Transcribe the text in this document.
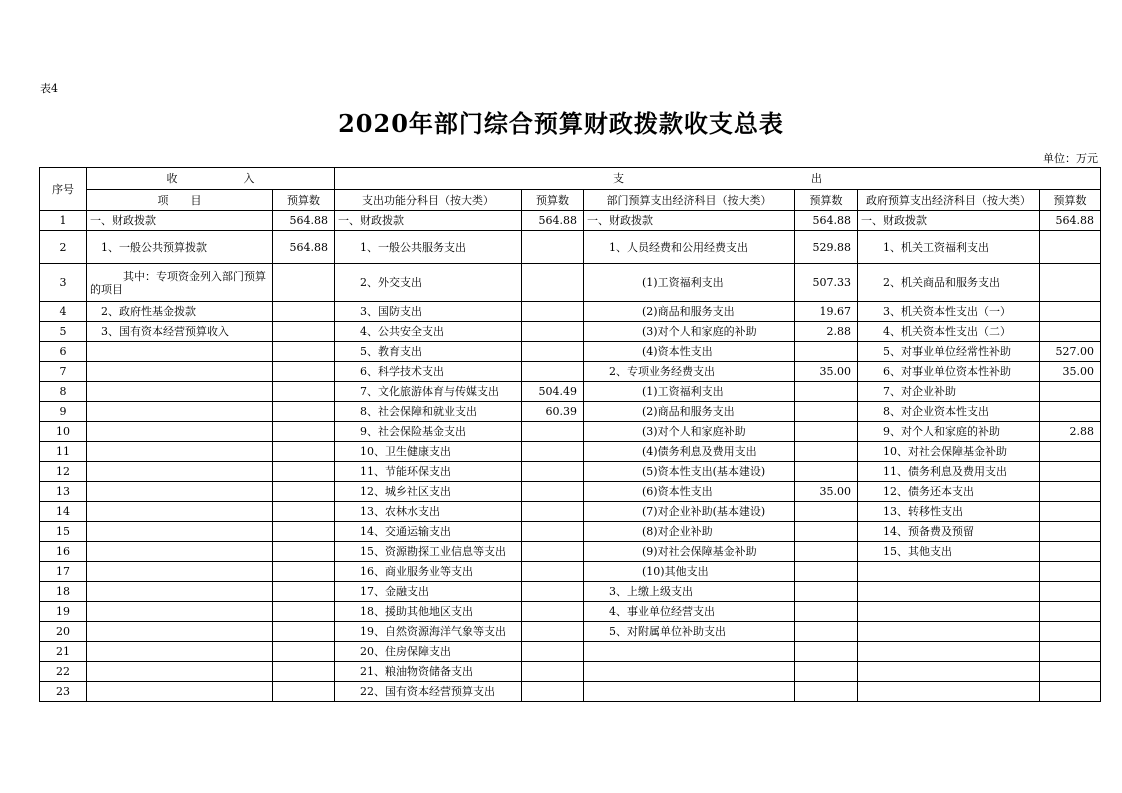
表4
2020年部门综合预算财政拨款收支总表
单位：万元
序号	收　　　　　　入		支　　　　　　　　　　　　　　　　　出					
	项　　目	预算数	支出功能分科目（按大类）	预算数	部门预算支出经济科目（按大类）	预算数	政府预算支出经济科目（按大类）	预算数
1	一、财政拨款	564.88	一、财政拨款	564.88	一、财政拨款	564.88	一、财政拨款	564.88
2	　1、一般公共预算拨款	564.88	　　1、一般公共服务支出		　　1、人员经费和公用经费支出	529.88	　　1、机关工资福利支出	
3	　　　其中：专项资金列入部门预算的项目		　　2、外交支出		　　　　　(1)工资福利支出	507.33	　　2、机关商品和服务支出	
4	　2、政府性基金拨款		　　3、国防支出		　　　　　(2)商品和服务支出	19.67	　　3、机关资本性支出（一）	
5	　3、国有资本经营预算收入		　　4、公共安全支出		　　　　　(3)对个人和家庭的补助	2.88	　　4、机关资本性支出（二）	
6			　　5、教育支出		　　　　　(4)资本性支出		　　5、对事业单位经常性补助	527.00
7			　　6、科学技术支出		　　2、专项业务经费支出	35.00	　　6、对事业单位资本性补助	35.00
8			　　7、文化旅游体育与传媒支出	504.49	　　　　　(1)工资福利支出		　　7、对企业补助	
9			　　8、社会保障和就业支出	60.39	　　　　　(2)商品和服务支出		　　8、对企业资本性支出	
10			　　9、社会保险基金支出		　　　　　(3)对个人和家庭补助		　　9、对个人和家庭的补助	2.88
11			　　10、卫生健康支出		　　　　　(4)债务利息及费用支出		　　10、对社会保障基金补助	
12			　　11、节能环保支出		　　　　　(5)资本性支出(基本建设)		　　11、债务利息及费用支出	
13			　　12、城乡社区支出		　　　　　(6)资本性支出	35.00	　　12、债务还本支出	
14			　　13、农林水支出		　　　　　(7)对企业补助(基本建设)		　　13、转移性支出	
15			　　14、交通运输支出		　　　　　(8)对企业补助		　　14、预备费及预留	
16			　　15、资源勘探工业信息等支出		　　　　　(9)对社会保障基金补助		　　15、其他支出	
17			　　16、商业服务业等支出		　　　　　(10)其他支出			
18			　　17、金融支出		　　3、上缴上级支出			
19			　　18、援助其他地区支出		　　4、事业单位经营支出			
20			　　19、自然资源海洋气象等支出		　　5、对附属单位补助支出			
21			　　20、住房保障支出					
22			　　21、粮油物资储备支出					
23			　　22、国有资本经营预算支出					
